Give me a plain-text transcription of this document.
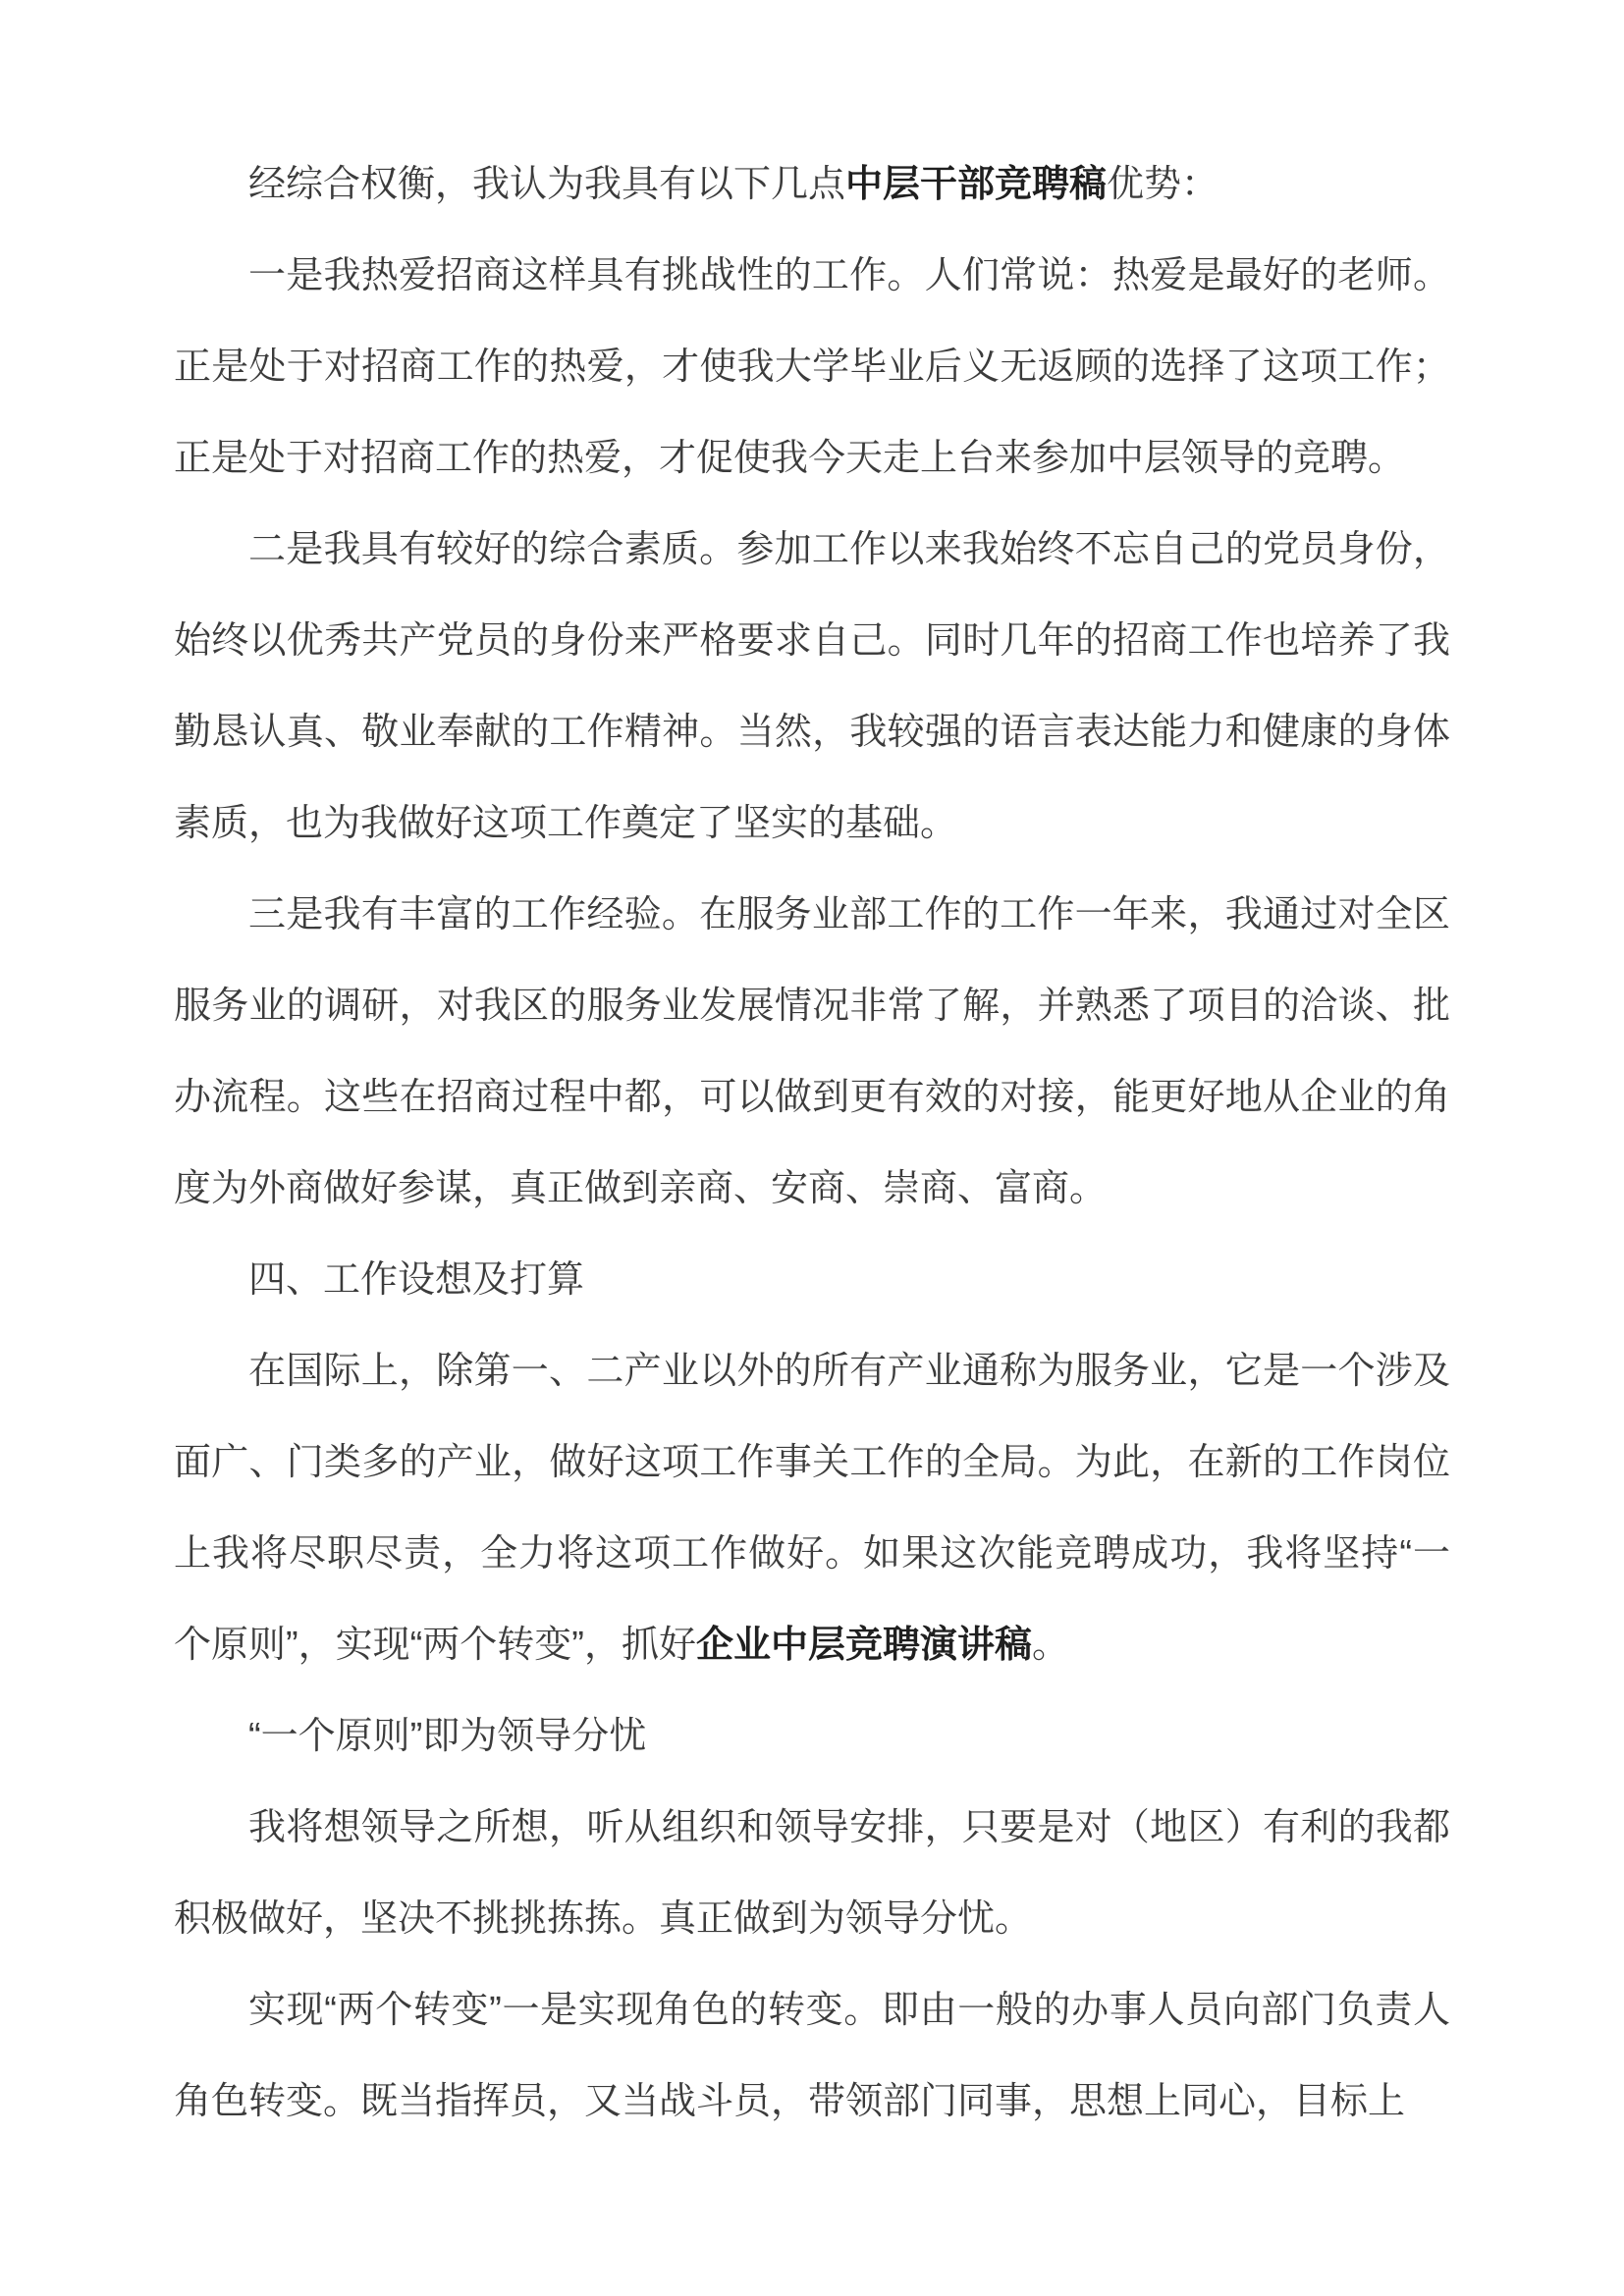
经综合权衡，我认为我具有以下几点中层干部竞聘稿优势：

一是我热爱招商这样具有挑战性的工作。人们常说：热爱是最好的老师。正是处于对招商工作的热爱，才使我大学毕业后义无返顾的选择了这项工作；正是处于对招商工作的热爱，才促使我今天走上台来参加中层领导的竞聘。

二是我具有较好的综合素质。参加工作以来我始终不忘自己的党员身份，始终以优秀共产党员的身份来严格要求自己。同时几年的招商工作也培养了我勤恳认真、敬业奉献的工作精神。当然，我较强的语言表达能力和健康的身体素质，也为我做好这项工作奠定了坚实的基础。

三是我有丰富的工作经验。在服务业部工作的工作一年来，我通过对全区服务业的调研，对我区的服务业发展情况非常了解，并熟悉了项目的洽谈、批办流程。这些在招商过程中都，可以做到更有效的对接，能更好地从企业的角度为外商做好参谋，真正做到亲商、安商、崇商、富商。

四、工作设想及打算

在国际上，除第一、二产业以外的所有产业通称为服务业，它是一个涉及面广、门类多的产业，做好这项工作事关工作的全局。为此，在新的工作岗位上我将尽职尽责，全力将这项工作做好。如果这次能竞聘成功，我将坚持“一个原则”，实现“两个转变”，抓好企业中层竞聘演讲稿。

“一个原则”即为领导分忧

我将想领导之所想，听从组织和领导安排，只要是对（地区）有利的我都积极做好，坚决不挑挑拣拣。真正做到为领导分忧。

实现“两个转变”一是实现角色的转变。即由一般的办事人员向部门负责人角色转变。既当指挥员，又当战斗员，带领部门同事，思想上同心，目标上
